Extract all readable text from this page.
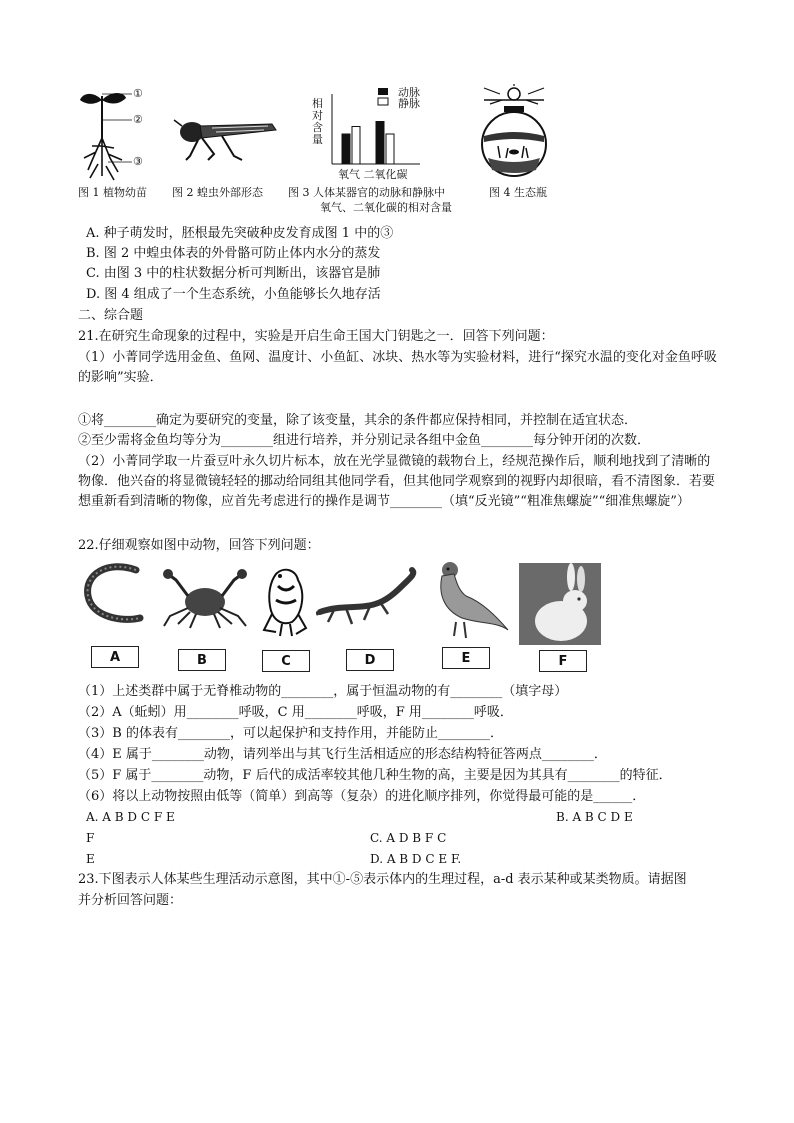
①
②
③
相对含量
动脉
静脉
氧气 二氧化碳
图 1 植物幼苗 图 2 蝗虫外部形态 图 3 人体某器官的动脉和静脉中
氧气、二氧化碳的相对含量
图 4 生态瓶
A. 种子萌发时，胚根最先突破种皮发育成图 1 中的③
B. 图 2 中蝗虫体表的外骨骼可防止体内水分的蒸发
C. 由图 3 中的柱状数据分析可判断出，该器官是肺
D. 图 4 组成了一个生态系统，小鱼能够长久地存活
二、综合题
21.在研究生命现象的过程中，实验是开启生命王国大门钥匙之一．回答下列问题：
（1）小菁同学选用金鱼、鱼网、温度计、小鱼缸、冰块、热水等为实验材料，进行“探究水温的变化对金鱼呼吸的影响”实验．
①将________确定为要研究的变量，除了该变量，其余的条件都应保持相同，并控制在适宜状态．
②至少需将金鱼均等分为________组进行培养，并分别记录各组中金鱼________每分钟开闭的次数．
（2）小菁同学取一片蚕豆叶永久切片标本，放在光学显微镜的载物台上，经规范操作后，顺利地找到了清晰的物像．他兴奋的将显微镜轻轻的挪动给同组其他同学看，但其他同学观察到的视野内却很暗，看不清图象．若要想重新看到清晰的物像，应首先考虑进行的操作是调节________（填“反光镜”“粗准焦螺旋”“细准焦螺旋”）
22.仔细观察如图中动物，回答下列问题：
A	B	C	D	E	F
（1）上述类群中属于无脊椎动物的________，属于恒温动物的有________（填字母）
（2）A（蚯蚓）用________呼吸，C 用________呼吸，F 用________呼吸．
（3）B 的体表有________，可以起保护和支持作用，并能防止________．
（4）E 属于________动物，请列举出与其飞行生活相适应的形态结构特征答两点________．
（5）F 属于________动物，F 后代的成活率较其他几种生物的高，主要是因为其具有________的特征．
（6）将以上动物按照由低等（简单）到高等（复杂）的进化顺序排列，你觉得最可能的是______．
A. A B D C F E	B. A B C D E
F	C. A D B F C
E	D. A B D C E F.
23.下图表示人体某些生理活动示意图，其中①-⑤表示体内的生理过程，a-d 表示某种或某类物质。请据图
并分析回答问题：
